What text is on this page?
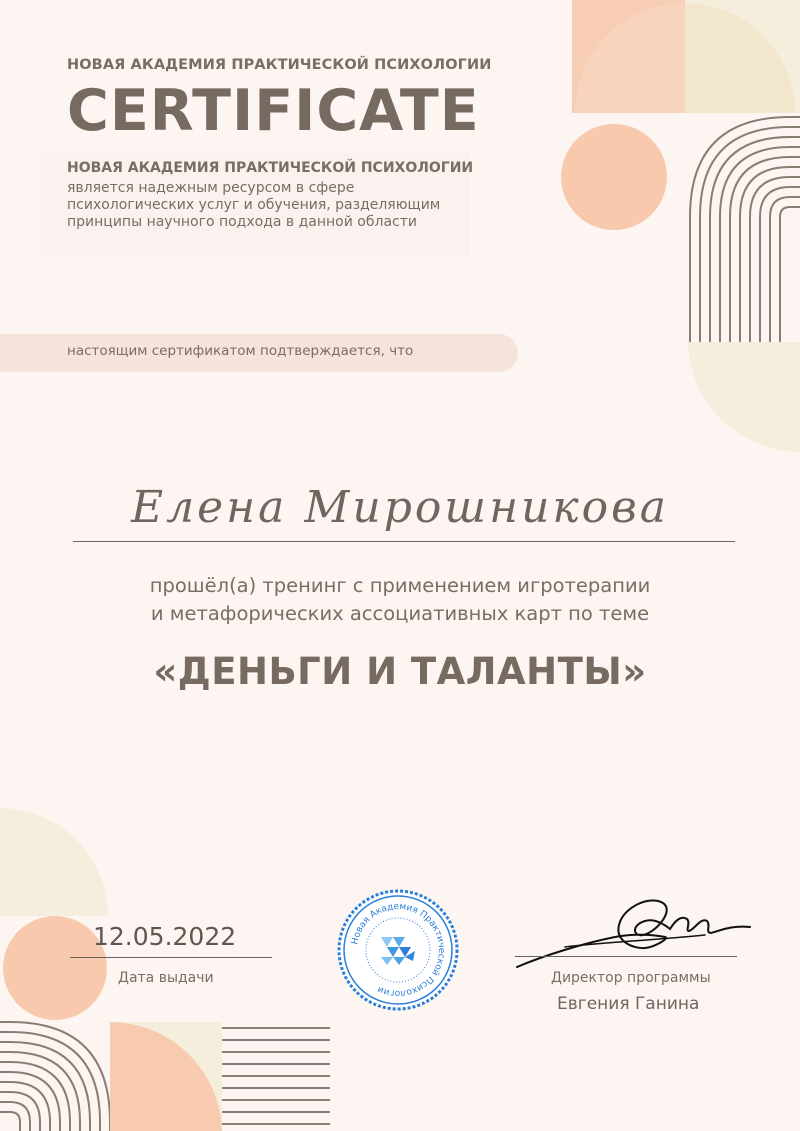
НОВАЯ АКАДЕМИЯ ПРАКТИЧЕСКОЙ ПСИХОЛОГИИ
CERTIFICATE
НОВАЯ АКАДЕМИЯ ПРАКТИЧЕСКОЙ ПСИХОЛОГИИ
является надежным ресурсом в сфере
психологических услуг и обучения, разделяющим
принципы научного подхода в данной области
настоящим сертификатом подтверждается, что
Елена Мирошникова
прошёл(а) тренинг с применением игротерапии
и метафорических ассоциативных карт по теме
«ДЕНЬГИ И ТАЛАНТЫ»
12.05.2022
Дата выдачи
Новая Академия Практической Психологии
Директор программы
Евгения Ганина
